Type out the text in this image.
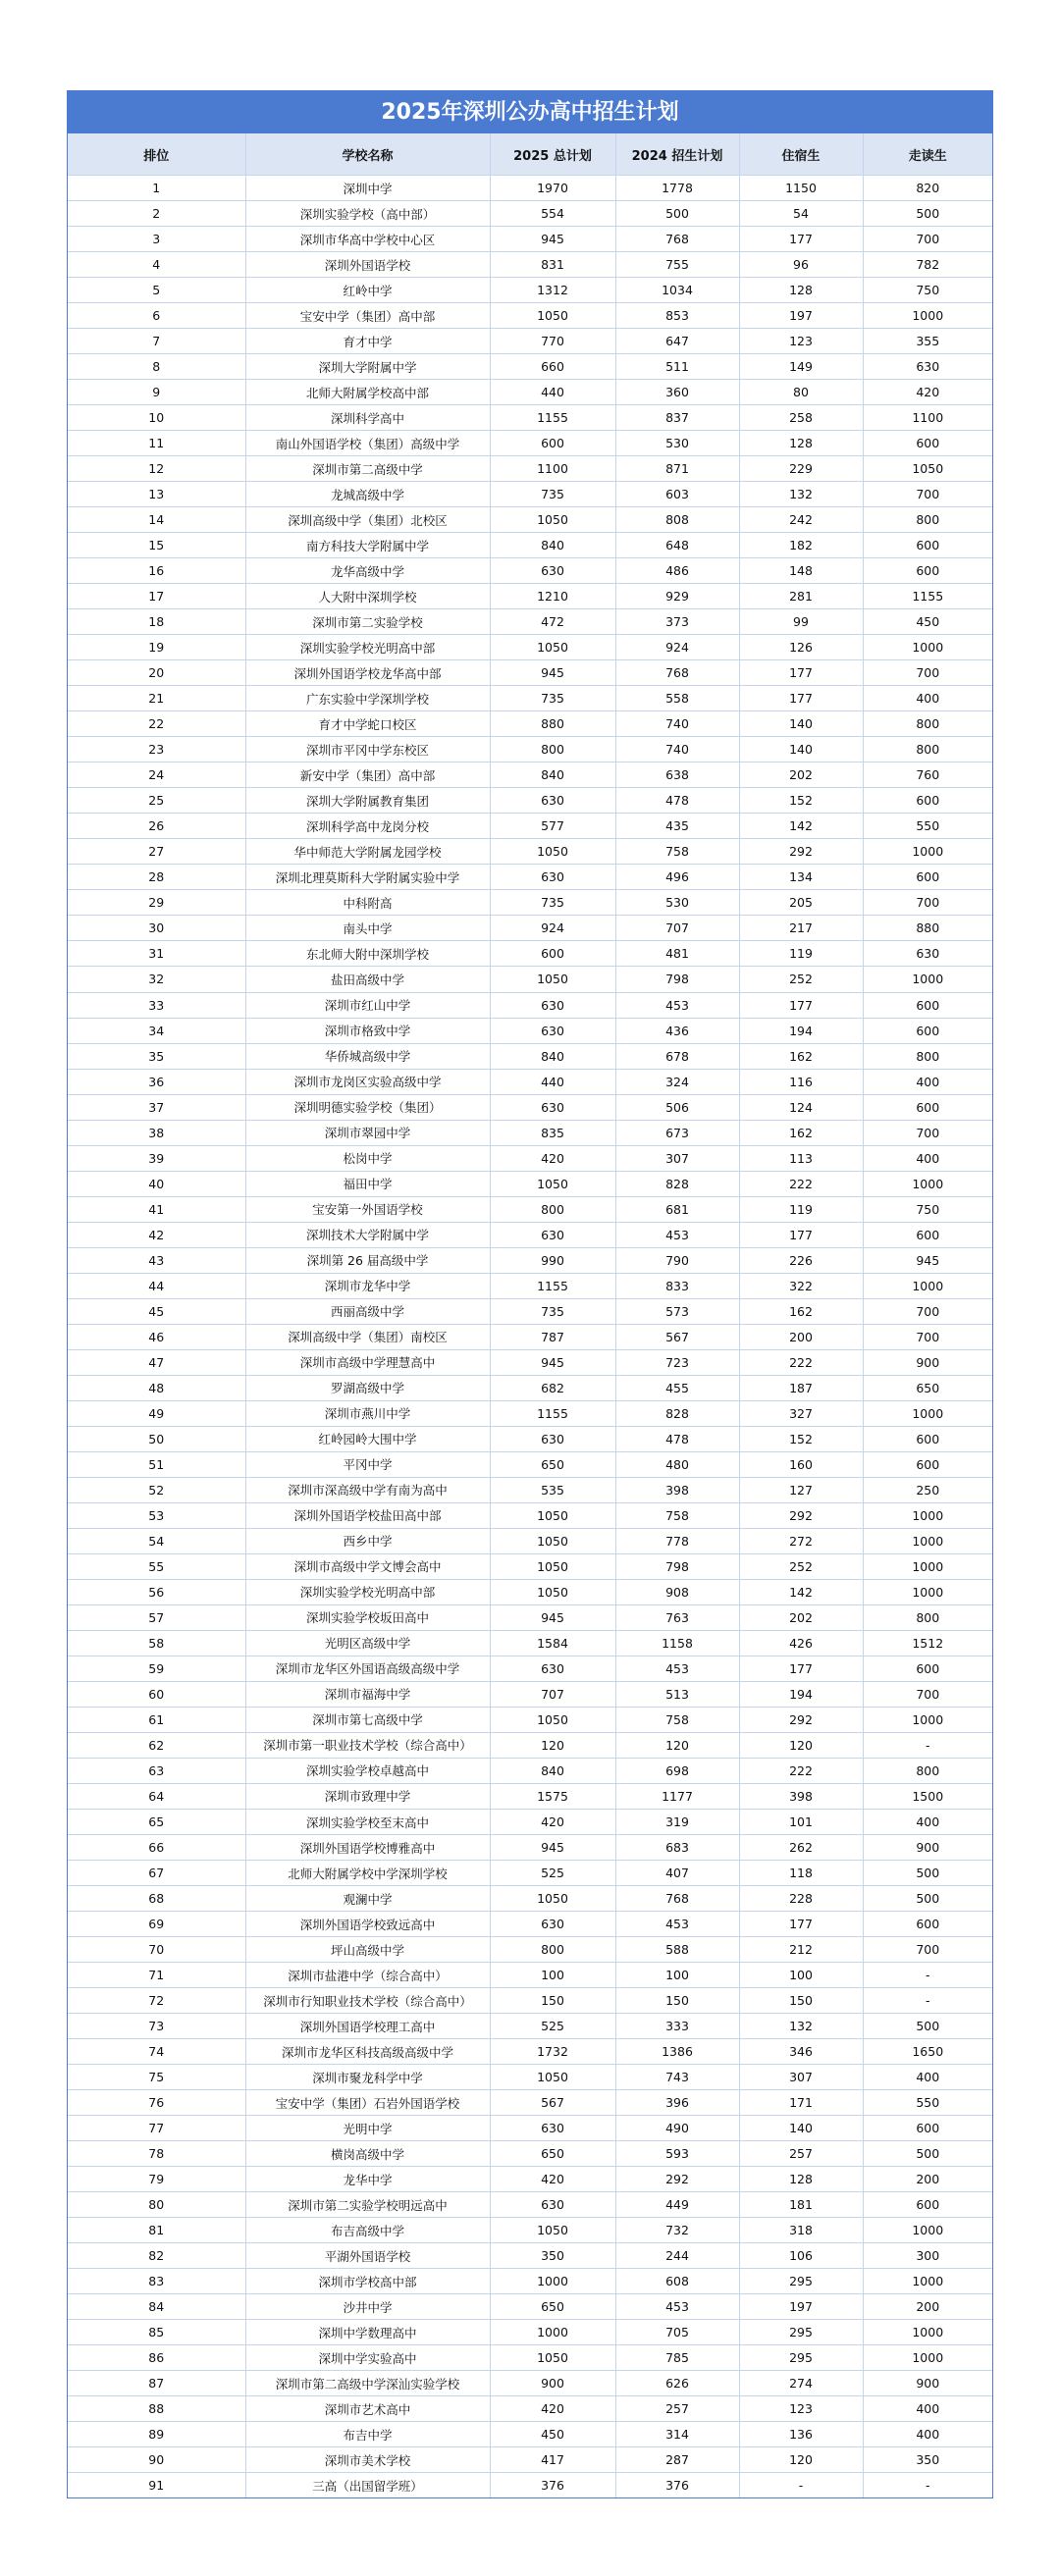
2025年深圳公办高中招生计划
排位	学校名称	2025 总计划	2024 招生计划	住宿生	走读生
1	深圳中学	1970	1778	1150	820
2	深圳实验学校（高中部）	554	500	54	500
3	深圳市华高中学校中心区	945	768	177	700
4	深圳外国语学校	831	755	96	782
5	红岭中学	1312	1034	128	750
6	宝安中学（集团）高中部	1050	853	197	1000
7	育才中学	770	647	123	355
8	深圳大学附属中学	660	511	149	630
9	北师大附属学校高中部	440	360	80	420
10	深圳科学高中	1155	837	258	1100
11	南山外国语学校（集团）高级中学	600	530	128	600
12	深圳市第二高级中学	1100	871	229	1050
13	龙城高级中学	735	603	132	700
14	深圳高级中学（集团）北校区	1050	808	242	800
15	南方科技大学附属中学	840	648	182	600
16	龙华高级中学	630	486	148	600
17	人大附中深圳学校	1210	929	281	1155
18	深圳市第二实验学校	472	373	99	450
19	深圳实验学校光明高中部	1050	924	126	1000
20	深圳外国语学校龙华高中部	945	768	177	700
21	广东实验中学深圳学校	735	558	177	400
22	育才中学蛇口校区	880	740	140	800
23	深圳市平冈中学东校区	800	740	140	800
24	新安中学（集团）高中部	840	638	202	760
25	深圳大学附属教育集团	630	478	152	600
26	深圳科学高中龙岗分校	577	435	142	550
27	华中师范大学附属龙园学校	1050	758	292	1000
28	深圳北理莫斯科大学附属实验中学	630	496	134	600
29	中科附高	735	530	205	700
30	南头中学	924	707	217	880
31	东北师大附中深圳学校	600	481	119	630
32	盐田高级中学	1050	798	252	1000
33	深圳市红山中学	630	453	177	600
34	深圳市格致中学	630	436	194	600
35	华侨城高级中学	840	678	162	800
36	深圳市龙岗区实验高级中学	440	324	116	400
37	深圳明德实验学校（集团）	630	506	124	600
38	深圳市翠园中学	835	673	162	700
39	松岗中学	420	307	113	400
40	福田中学	1050	828	222	1000
41	宝安第一外国语学校	800	681	119	750
42	深圳技术大学附属中学	630	453	177	600
43	深圳第 26 届高级中学	990	790	226	945
44	深圳市龙华中学	1155	833	322	1000
45	西丽高级中学	735	573	162	700
46	深圳高级中学（集团）南校区	787	567	200	700
47	深圳市高级中学理慧高中	945	723	222	900
48	罗湖高级中学	682	455	187	650
49	深圳市燕川中学	1155	828	327	1000
50	红岭园岭大围中学	630	478	152	600
51	平冈中学	650	480	160	600
52	深圳市深高级中学有南为高中	535	398	127	250
53	深圳外国语学校盐田高中部	1050	758	292	1000
54	西乡中学	1050	778	272	1000
55	深圳市高级中学文博会高中	1050	798	252	1000
56	深圳实验学校光明高中部	1050	908	142	1000
57	深圳实验学校坂田高中	945	763	202	800
58	光明区高级中学	1584	1158	426	1512
59	深圳市龙华区外国语高级高级中学	630	453	177	600
60	深圳市福海中学	707	513	194	700
61	深圳市第七高级中学	1050	758	292	1000
62	深圳市第一职业技术学校（综合高中）	120	120	120	-
63	深圳实验学校卓越高中	840	698	222	800
64	深圳市致理中学	1575	1177	398	1500
65	深圳实验学校至末高中	420	319	101	400
66	深圳外国语学校博雅高中	945	683	262	900
67	北师大附属学校中学深圳学校	525	407	118	500
68	观澜中学	1050	768	228	500
69	深圳外国语学校致远高中	630	453	177	600
70	坪山高级中学	800	588	212	700
71	深圳市盐港中学（综合高中）	100	100	100	-
72	深圳市行知职业技术学校（综合高中）	150	150	150	-
73	深圳外国语学校理工高中	525	333	132	500
74	深圳市龙华区科技高级高级中学	1732	1386	346	1650
75	深圳市聚龙科学中学	1050	743	307	400
76	宝安中学（集团）石岩外国语学校	567	396	171	550
77	光明中学	630	490	140	600
78	横岗高级中学	650	593	257	500
79	龙华中学	420	292	128	200
80	深圳市第二实验学校明远高中	630	449	181	600
81	布吉高级中学	1050	732	318	1000
82	平湖外国语学校	350	244	106	300
83	深圳市学校高中部	1000	608	295	1000
84	沙井中学	650	453	197	200
85	深圳中学数理高中	1000	705	295	1000
86	深圳中学实验高中	1050	785	295	1000
87	深圳市第二高级中学深汕实验学校	900	626	274	900
88	深圳市艺术高中	420	257	123	400
89	布吉中学	450	314	136	400
90	深圳市美术学校	417	287	120	350
91	三高（出国留学班）	376	376	-	-
